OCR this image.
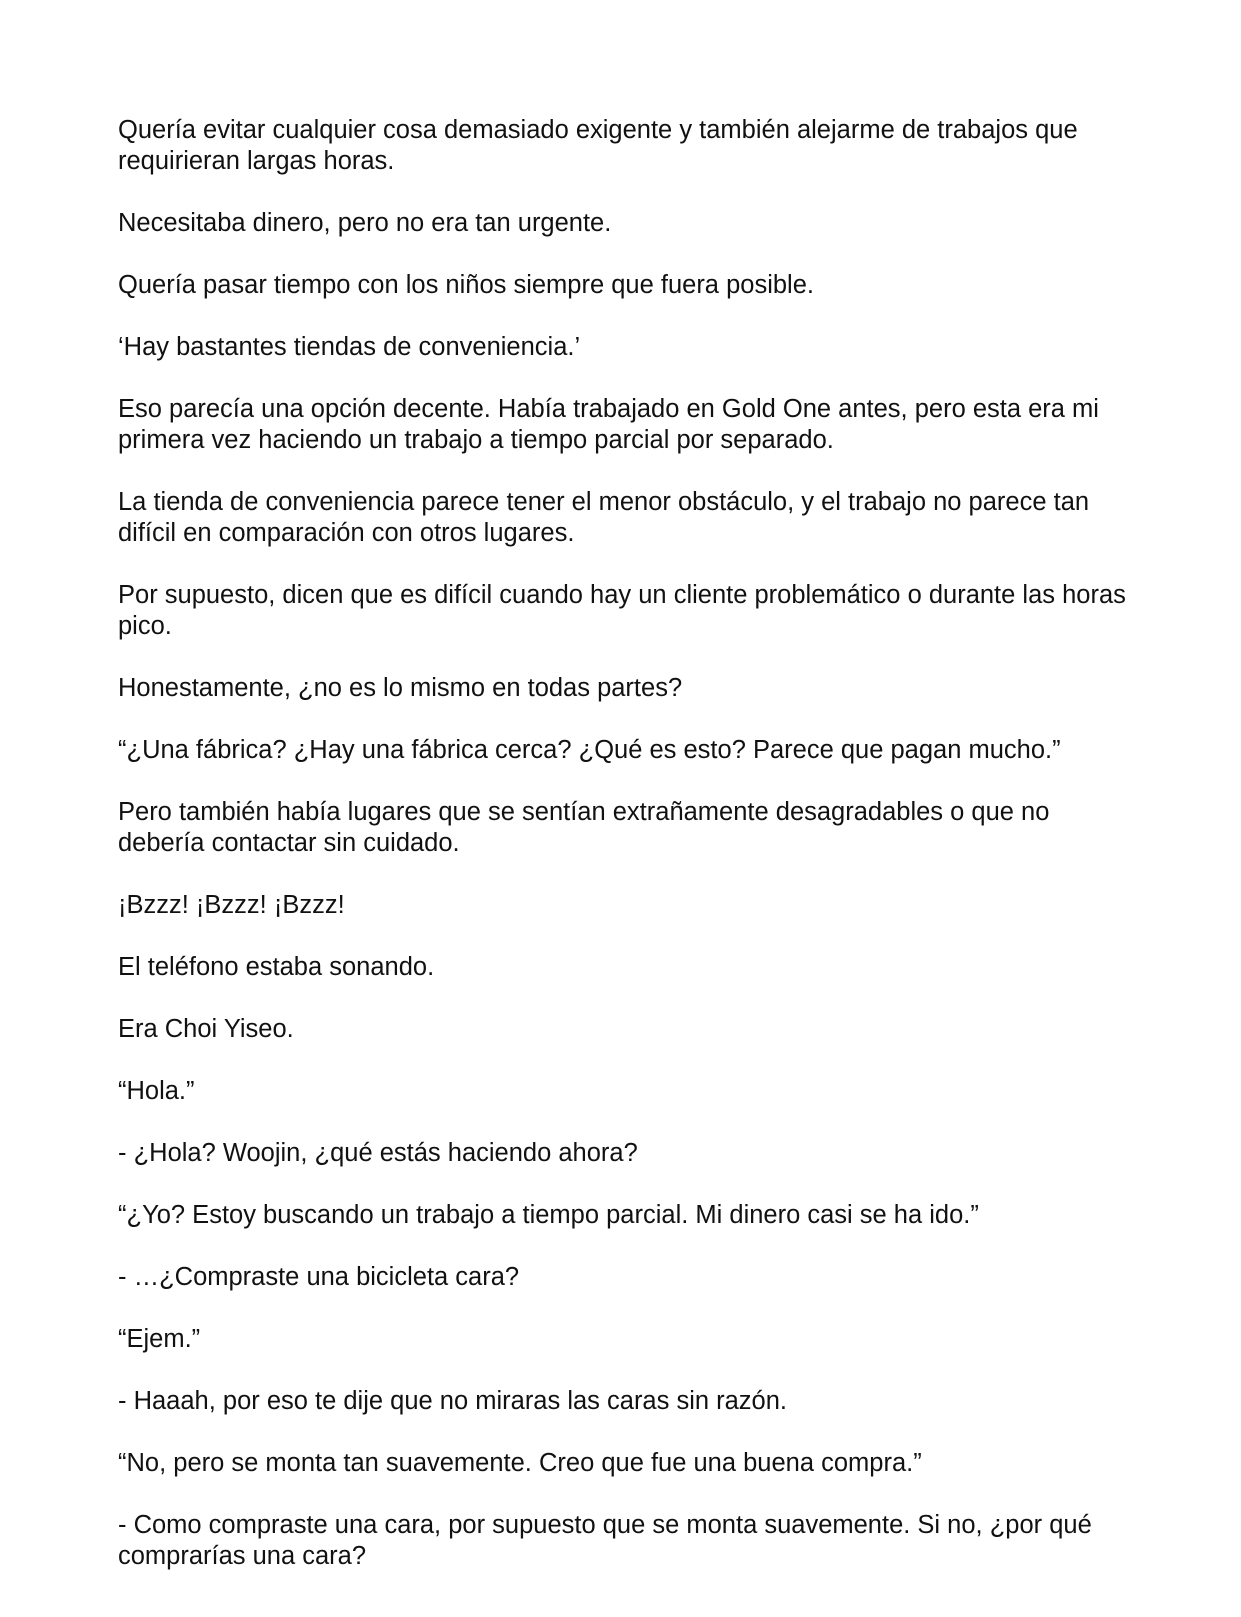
Quería evitar cualquier cosa demasiado exigente y también alejarme de trabajos que requirieran largas horas.

Necesitaba dinero, pero no era tan urgente.

Quería pasar tiempo con los niños siempre que fuera posible.

‘Hay bastantes tiendas de conveniencia.’

Eso parecía una opción decente. Había trabajado en Gold One antes, pero esta era mi primera vez haciendo un trabajo a tiempo parcial por separado.

La tienda de conveniencia parece tener el menor obstáculo, y el trabajo no parece tan difícil en comparación con otros lugares.

Por supuesto, dicen que es difícil cuando hay un cliente problemático o durante las horas pico.

Honestamente, ¿no es lo mismo en todas partes?

“¿Una fábrica? ¿Hay una fábrica cerca? ¿Qué es esto? Parece que pagan mucho.”

Pero también había lugares que se sentían extrañamente desagradables o que no debería contactar sin cuidado.

¡Bzzz! ¡Bzzz! ¡Bzzz!

El teléfono estaba sonando.

Era Choi Yiseo.

“Hola.”

- ¿Hola? Woojin, ¿qué estás haciendo ahora?

“¿Yo? Estoy buscando un trabajo a tiempo parcial. Mi dinero casi se ha ido.”

- …¿Compraste una bicicleta cara?

“Ejem.”

- Haaah, por eso te dije que no miraras las caras sin razón.

“No, pero se monta tan suavemente. Creo que fue una buena compra.”

- Como compraste una cara, por supuesto que se monta suavemente. Si no, ¿por qué comprarías una cara?
